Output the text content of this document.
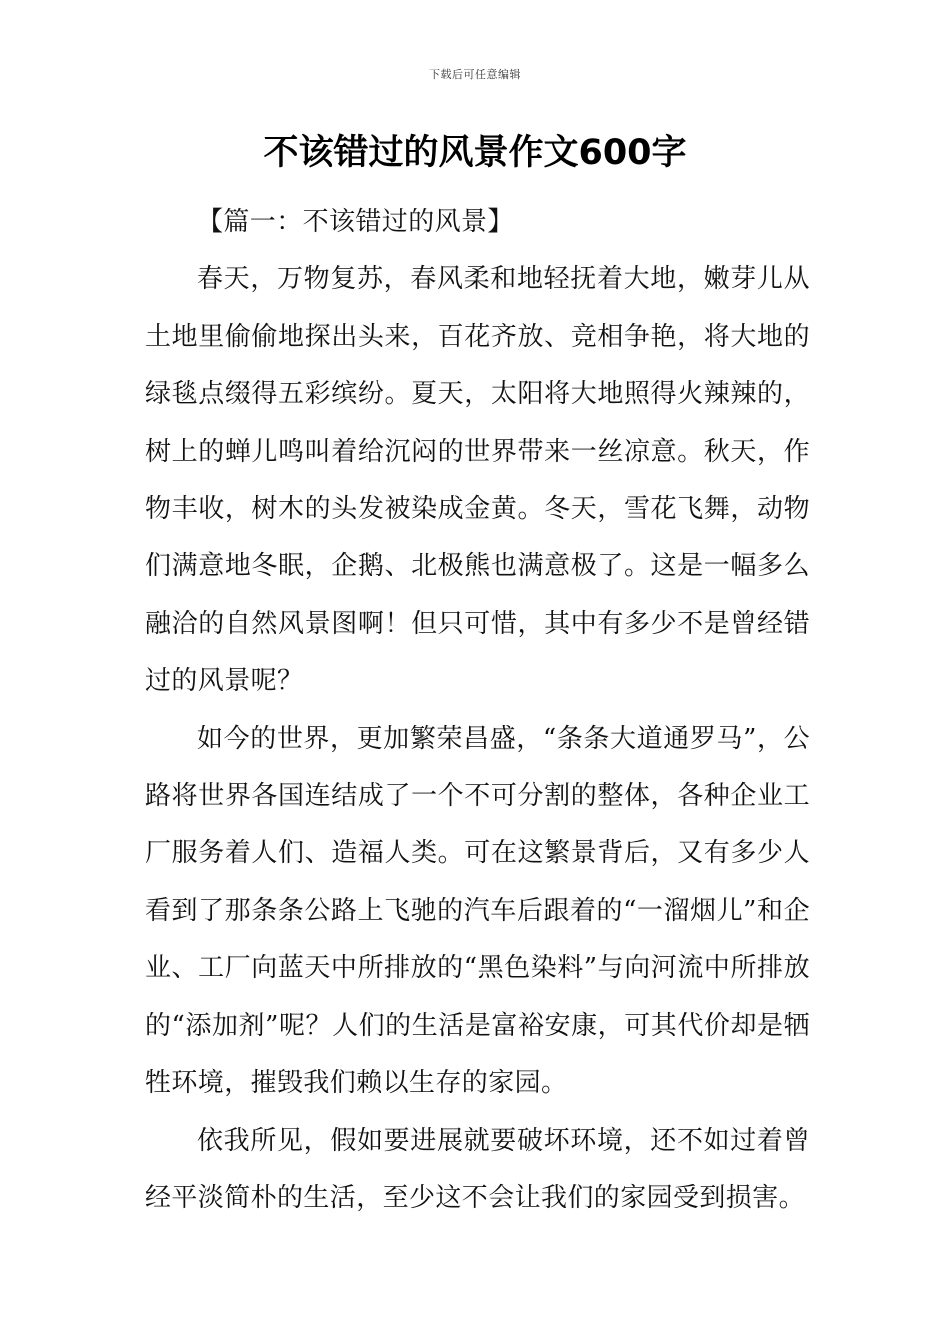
下载后可任意编辑
不该错过的风景作文600字
【篇一：不该错过的风景】

春天，万物复苏，春风柔和地轻抚着大地，嫩芽儿从土地里偷偷地探出头来，百花齐放、竞相争艳，将大地的绿毯点缀得五彩缤纷。夏天，太阳将大地照得火辣辣的，树上的蝉儿鸣叫着给沉闷的世界带来一丝凉意。秋天，作物丰收，树木的头发被染成金黄。冬天，雪花飞舞，动物们满意地冬眠，企鹅、北极熊也满意极了。这是一幅多么融洽的自然风景图啊！但只可惜，其中有多少不是曾经错过的风景呢？

如今的世界，更加繁荣昌盛，“条条大道通罗马”，公路将世界各国连结成了一个不可分割的整体，各种企业工厂服务着人们、造福人类。可在这繁景背后，又有多少人看到了那条条公路上飞驰的汽车后跟着的“一溜烟儿”和企业、工厂向蓝天中所排放的“黑色染料”与向河流中所排放的“添加剂”呢？人们的生活是富裕安康，可其代价却是牺牲环境，摧毁我们赖以生存的家园。

依我所见，假如要进展就要破坏环境，还不如过着曾经平淡简朴的生活，至少这不会让我们的家园受到损害。
